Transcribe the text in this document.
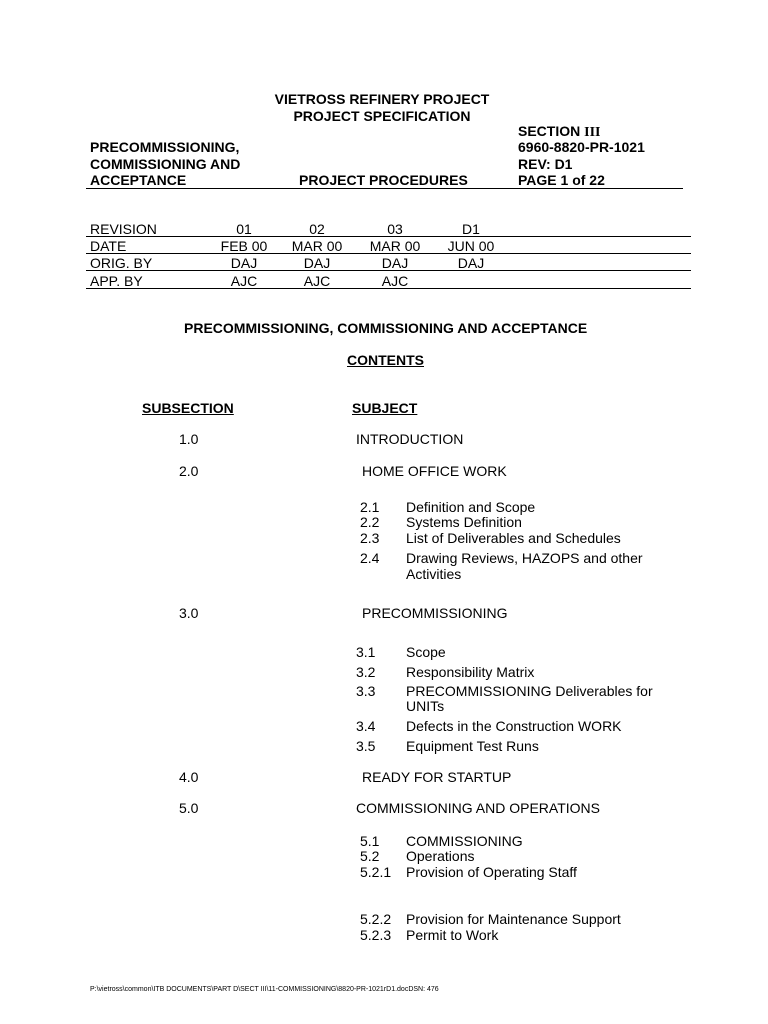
VIETROSS REFINERY PROJECT
PROJECT SPECIFICATION
PRECOMMISSIONING,
COMMISSIONING AND
ACCEPTANCE	PROJECT PROCEDURES
SECTION III
6960-8820-PR-1021
REV: D1
PAGE 1 of 22
REVISION	01	02	03	D1
DATE	FEB 00	MAR 00	MAR 00	JUN 00
ORIG. BY	DAJ	DAJ	DAJ	DAJ
APP. BY	AJC	AJC	AJC
PRECOMMISSIONING, COMMISSIONING AND ACCEPTANCE
CONTENTS
SUBSECTION	SUBJECT
1.0	INTRODUCTION
2.0	HOME OFFICE WORK
2.1 Definition and Scope
2.2 Systems Definition
2.3 List of Deliverables and Schedules
2.4 Drawing Reviews, HAZOPS and other
Activities
3.0	PRECOMMISSIONING
3.1 Scope
3.2 Responsibility Matrix
3.3 PRECOMMISSIONING Deliverables for
UNITs
3.4 Defects in the Construction WORK
3.5 Equipment Test Runs
4.0	READY FOR STARTUP
5.0	COMMISSIONING AND OPERATIONS
5.1 COMMISSIONING
5.2 Operations
5.2.1 Provision of Operating Staff
5.2.2 Provision for Maintenance Support
5.2.3 Permit to Work
P:\vietross\common\ITB DOCUMENTS\PART D\SECT III\11-COMMISSIONING\8820-PR-1021rD1.docDSN: 476
